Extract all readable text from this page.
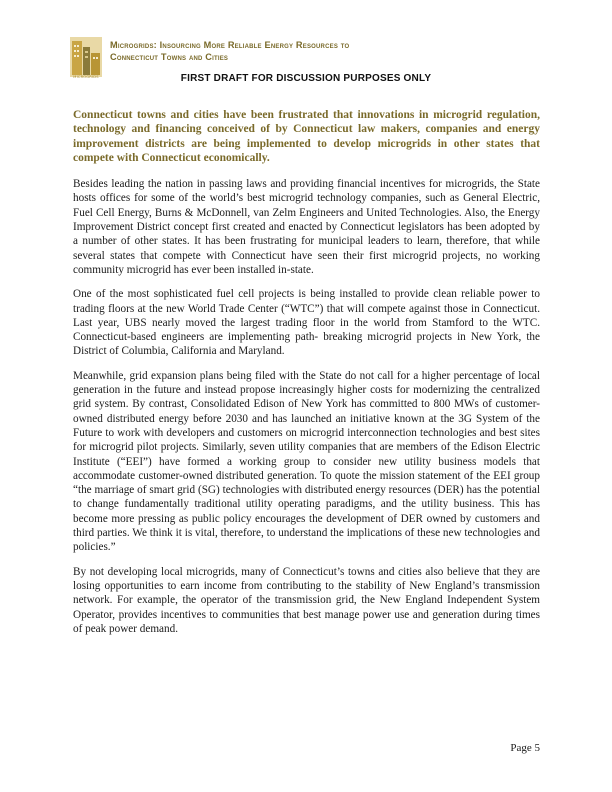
MICROGRIDS
Microgrids: Insourcing More Reliable Energy Resources to
Connecticut Towns and Cities
FIRST DRAFT FOR DISCUSSION PURPOSES ONLY

Connecticut towns and cities have been frustrated that innovations in microgrid regulation, technology and financing conceived of by Connecticut law makers, companies and energy improvement districts are being implemented to develop microgrids in other states that compete with Connecticut economically.

Besides leading the nation in passing laws and providing financial incentives for microgrids, the State hosts offices for some of the world’s best microgrid technology companies, such as General Electric, Fuel Cell Energy, Burns & McDonnell, van Zelm Engineers and United Technologies. Also, the Energy Improvement District concept first created and enacted by Connecticut legislators has been adopted by a number of other states. It has been frustrating for municipal leaders to learn, therefore, that while several states that compete with Connecticut have seen their first microgrid projects, no working community microgrid has ever been installed in-state.

One of the most sophisticated fuel cell projects is being installed to provide clean reliable power to trading floors at the new World Trade Center (“WTC”) that will compete against those in Connecticut. Last year, UBS nearly moved the largest trading floor in the world from Stamford to the WTC. Connecticut-based engineers are implementing path- breaking microgrid projects in New York, the District of Columbia, California and Maryland.

Meanwhile, grid expansion plans being filed with the State do not call for a higher percentage of local generation in the future and instead propose increasingly higher costs for modernizing the centralized grid system. By contrast, Consolidated Edison of New York has committed to 800 MWs of customer-owned distributed energy before 2030 and has launched an initiative known at the 3G System of the Future to work with developers and customers on microgrid interconnection technologies and best sites for microgrid pilot projects. Similarly, seven utility companies that are members of the Edison Electric Institute (“EEI”) have formed a working group to consider new utility business models that accommodate customer-owned distributed generation. To quote the mission statement of the EEI group “the marriage of smart grid (SG) technologies with distributed energy resources (DER) has the potential to change fundamentally traditional utility operating paradigms, and the utility business. This has become more pressing as public policy encourages the development of DER owned by customers and third parties. We think it is vital, therefore, to understand the implications of these new technologies and policies.”

By not developing local microgrids, many of Connecticut’s towns and cities also believe that they are losing opportunities to earn income from contributing to the stability of New England’s transmission network. For example, the operator of the transmission grid, the New England Independent System Operator, provides incentives to communities that best manage power use and generation during times of peak power demand.

Page 5
